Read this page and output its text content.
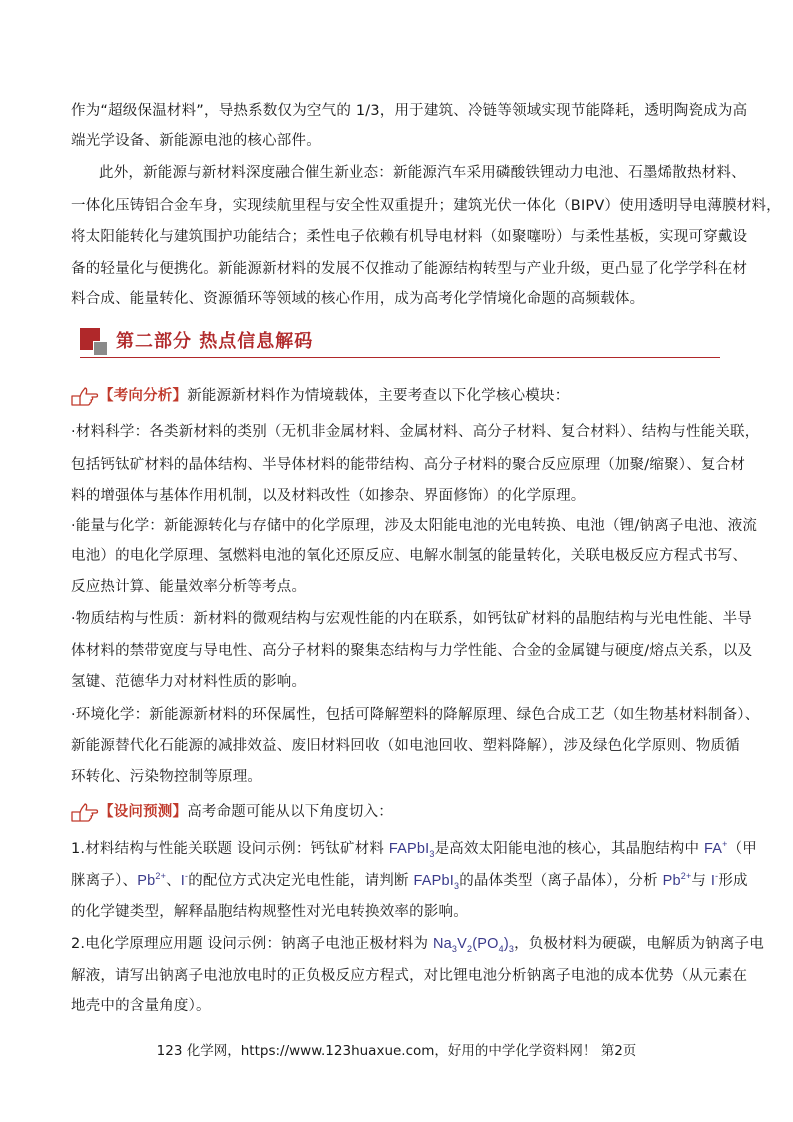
作为“超级保温材料”，导热系数仅为空气的 1/3，用于建筑、冷链等领域实现节能降耗，透明陶瓷成为高
端光学设备、新能源电池的核心部件。
此外，新能源与新材料深度融合催生新业态：新能源汽车采用磷酸铁锂动力电池、石墨烯散热材料、
一体化压铸铝合金车身，实现续航里程与安全性双重提升；建筑光伏一体化（BIPV）使用透明导电薄膜材料，
将太阳能转化与建筑围护功能结合；柔性电子依赖有机导电材料（如聚噻吩）与柔性基板，实现可穿戴设
备的轻量化与便携化。新能源新材料的发展不仅推动了能源结构转型与产业升级，更凸显了化学学科在材
料合成、能量转化、资源循环等领域的核心作用，成为高考化学情境化命题的高频载体。
第二部分 热点信息解码
【考向分析】新能源新材料作为情境载体，主要考查以下化学核心模块：
·材料科学：各类新材料的类别（无机非金属材料、金属材料、高分子材料、复合材料）、结构与性能关联，
包括钙钛矿材料的晶体结构、半导体材料的能带结构、高分子材料的聚合反应原理（加聚/缩聚）、复合材
料的增强体与基体作用机制，以及材料改性（如掺杂、界面修饰）的化学原理。
·能量与化学：新能源转化与存储中的化学原理，涉及太阳能电池的光电转换、电池（锂/钠离子电池、液流
电池）的电化学原理、氢燃料电池的氧化还原反应、电解水制氢的能量转化，关联电极反应方程式书写、
反应热计算、能量效率分析等考点。
·物质结构与性质：新材料的微观结构与宏观性能的内在联系，如钙钛矿材料的晶胞结构与光电性能、半导
体材料的禁带宽度与导电性、高分子材料的聚集态结构与力学性能、合金的金属键与硬度/熔点关系，以及
氢键、范德华力对材料性质的影响。
·环境化学：新能源新材料的环保属性，包括可降解塑料的降解原理、绿色合成工艺（如生物基材料制备）、
新能源替代化石能源的减排效益、废旧材料回收（如电池回收、塑料降解），涉及绿色化学原则、物质循
环转化、污染物控制等原理。
【设问预测】高考命题可能从以下角度切入：
1.材料结构与性能关联题 设问示例：钙钛矿材料 FAPbI$_3$是高效太阳能电池的核心，其晶胞结构中 FA+（甲
脒离子）、$Pb^{2+}$、I-的配位方式决定光电性能，请判断 FAPbI$_3$的晶体类型（离子晶体），分析 $Pb^{2+}$与 I-形成
的化学键类型，解释晶胞结构规整性对光电转换效率的影响。
2.电化学原理应用题 设问示例：钠离子电池正极材料为 $Na_3V_2(PO_4)_3$，负极材料为硬碳，电解质为钠离子电
解液，请写出钠离子电池放电时的正负极反应方程式，对比锂电池分析钠离子电池的成本优势（从元素在
地壳中的含量角度）。
123 化学网，https://www.123huaxue.com，好用的中学化学资料网！ 第2页
